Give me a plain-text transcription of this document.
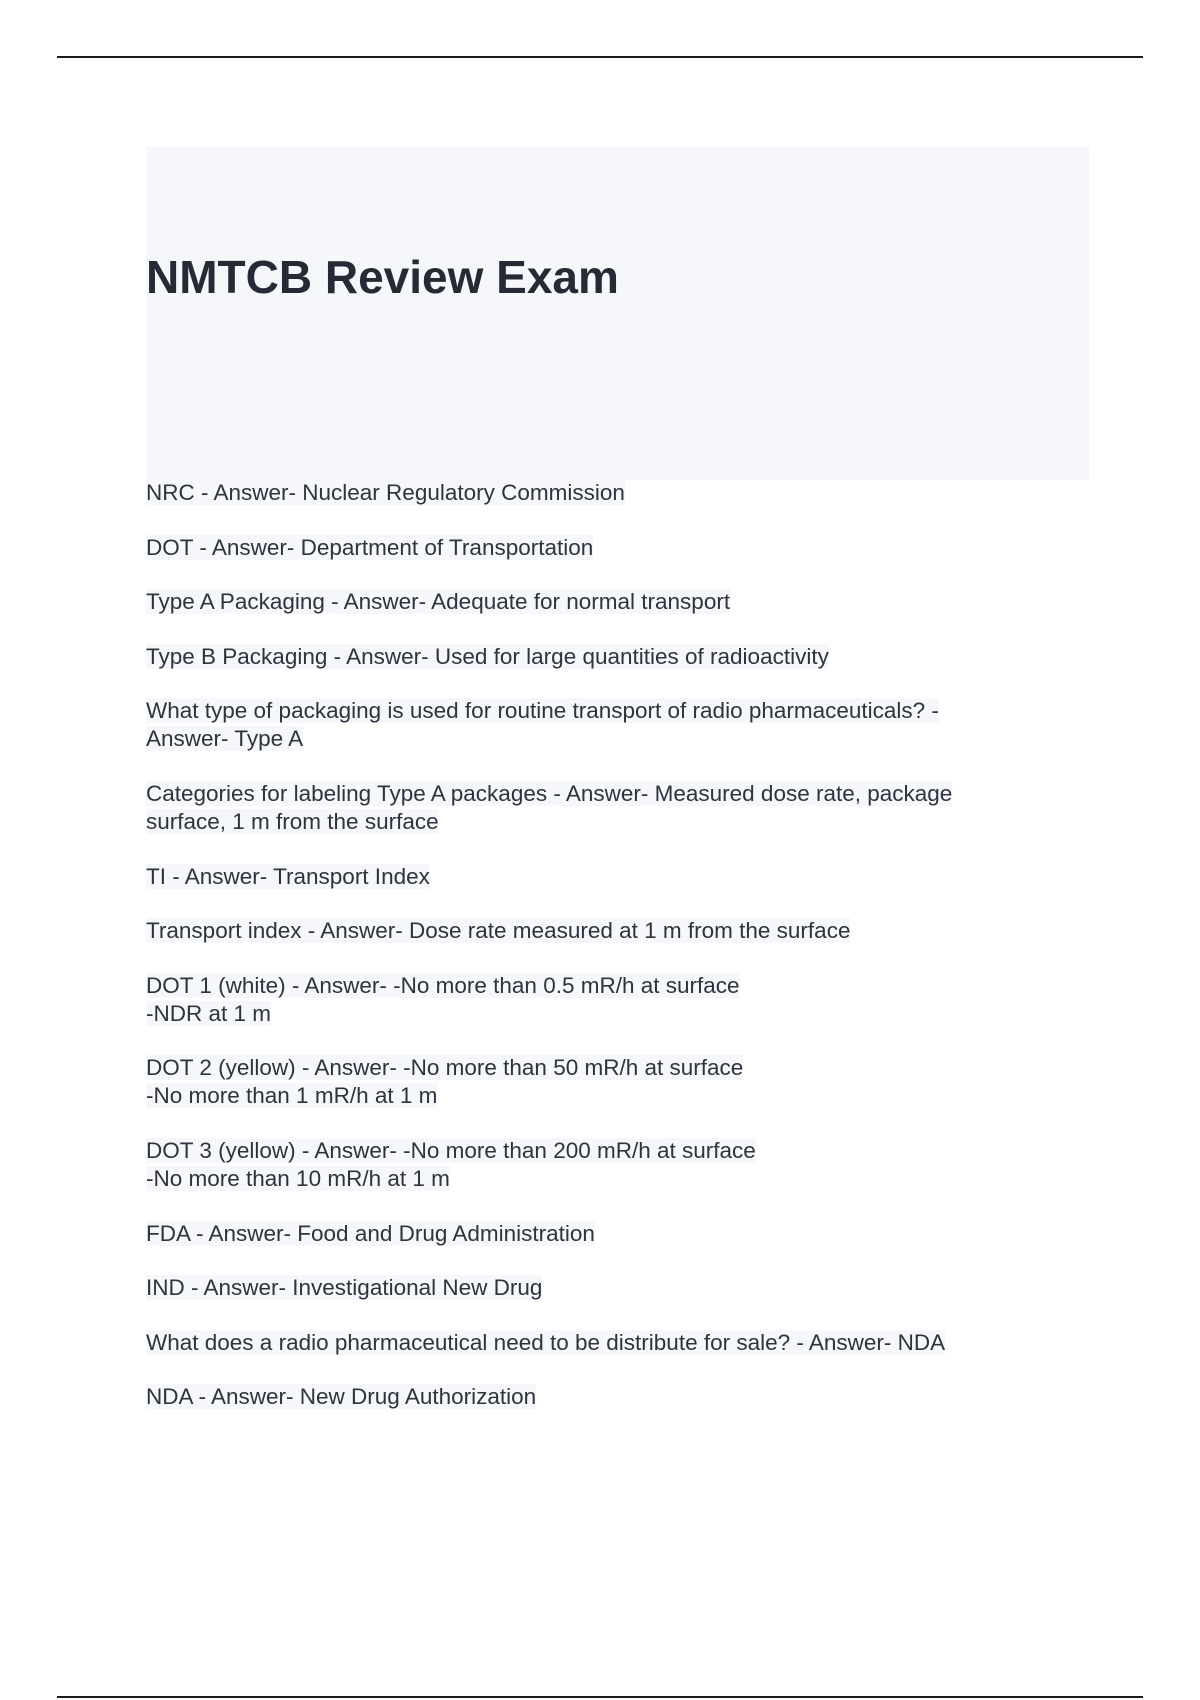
NMTCB Review Exam
NRC - Answer- Nuclear Regulatory Commission
DOT - Answer- Department of Transportation
Type A Packaging - Answer- Adequate for normal transport
Type B Packaging - Answer- Used for large quantities of radioactivity
What type of packaging is used for routine transport of radio pharmaceuticals? -
Answer- Type A
Categories for labeling Type A packages - Answer- Measured dose rate, package
surface, 1 m from the surface
TI - Answer- Transport Index
Transport index - Answer- Dose rate measured at 1 m from the surface
DOT 1 (white) - Answer- -No more than 0.5 mR/h at surface
-NDR at 1 m
DOT 2 (yellow) - Answer- -No more than 50 mR/h at surface
-No more than 1 mR/h at 1 m
DOT 3 (yellow) - Answer- -No more than 200 mR/h at surface
-No more than 10 mR/h at 1 m
FDA - Answer- Food and Drug Administration
IND - Answer- Investigational New Drug
What does a radio pharmaceutical need to be distribute for sale? - Answer- NDA
NDA - Answer- New Drug Authorization
